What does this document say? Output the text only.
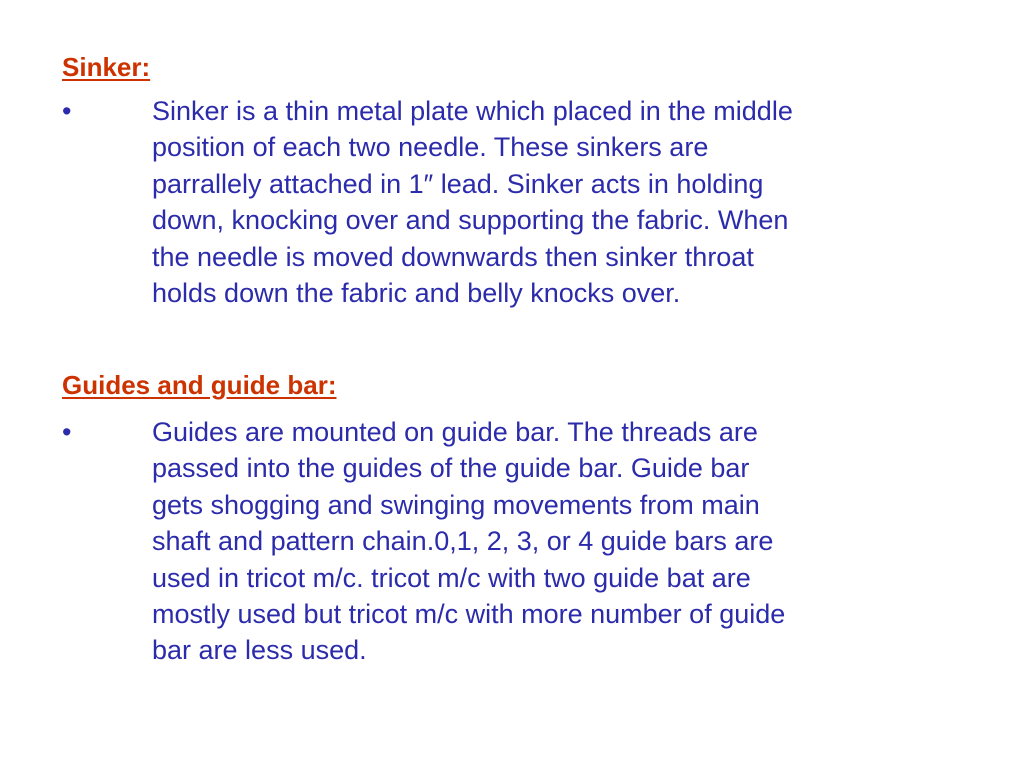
Sinker:
•	Sinker is a thin metal plate which placed in the middle
position of each two needle. These sinkers are
parrallely attached in 1″ lead. Sinker acts in holding
down, knocking over and supporting the fabric. When
the needle is moved downwards then sinker throat
holds down the fabric and belly knocks over.

Guides and guide bar:
•	Guides are mounted on guide bar. The threads are
passed into the guides of the guide bar. Guide bar
gets shogging and swinging movements from main
shaft and pattern chain.0,1, 2, 3, or 4 guide bars are
used in tricot m/c. tricot m/c with two guide bat are
mostly used but tricot m/c with more number of guide
bar are less used.
